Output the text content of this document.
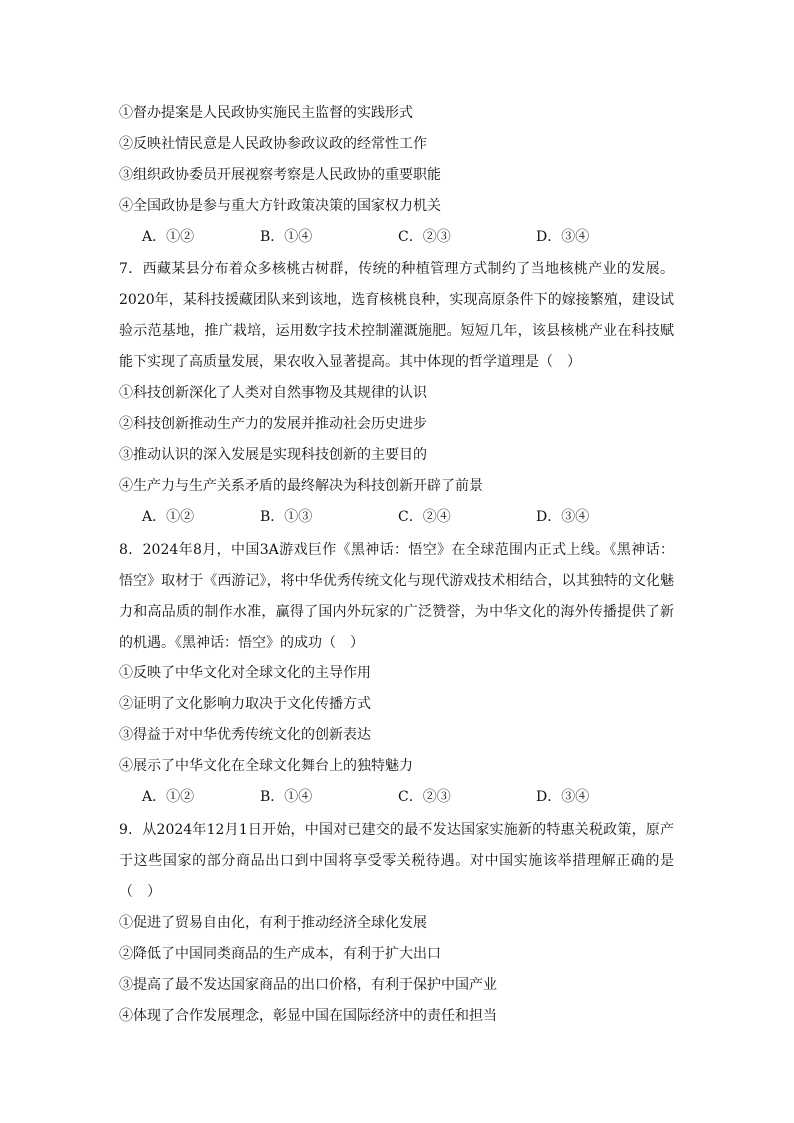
①督办提案是人民政协实施民主监督的实践形式
②反映社情民意是人民政协参政议政的经常性工作
③组织政协委员开展视察考察是人民政协的重要职能
④全国政协是参与重大方针政策决策的国家权力机关
A．①②	B．①④	C．②③	D．③④
7．西藏某县分布着众多核桃古树群，传统的种植管理方式制约了当地核桃产业的发展。2020年，某科技援藏团队来到该地，选育核桃良种，实现高原条件下的嫁接繁殖，建设试验示范基地，推广栽培，运用数字技术控制灌溉施肥。短短几年，该县核桃产业在科技赋能下实现了高质量发展，果农收入显著提高。其中体现的哲学道理是（　）
①科技创新深化了人类对自然事物及其规律的认识
②科技创新推动生产力的发展并推动社会历史进步
③推动认识的深入发展是实现科技创新的主要目的
④生产力与生产关系矛盾的最终解决为科技创新开辟了前景
A．①②	B．①③	C．②④	D．③④
8．2024年8月，中国3A游戏巨作《黑神话：悟空》在全球范围内正式上线。《黑神话：悟空》取材于《西游记》，将中华优秀传统文化与现代游戏技术相结合，以其独特的文化魅力和高品质的制作水准，赢得了国内外玩家的广泛赞誉，为中华文化的海外传播提供了新的机遇。《黑神话：悟空》的成功（　）
①反映了中华文化对全球文化的主导作用
②证明了文化影响力取决于文化传播方式
③得益于对中华优秀传统文化的创新表达
④展示了中华文化在全球文化舞台上的独特魅力
A．①②	B．①④	C．②③	D．③④
9．从2024年12月1日开始，中国对已建交的最不发达国家实施新的特惠关税政策，原产于这些国家的部分商品出口到中国将享受零关税待遇。对中国实施该举措理解正确的是（　）
①促进了贸易自由化，有利于推动经济全球化发展
②降低了中国同类商品的生产成本，有利于扩大出口
③提高了最不发达国家商品的出口价格，有利于保护中国产业
④体现了合作发展理念，彰显中国在国际经济中的责任和担当
